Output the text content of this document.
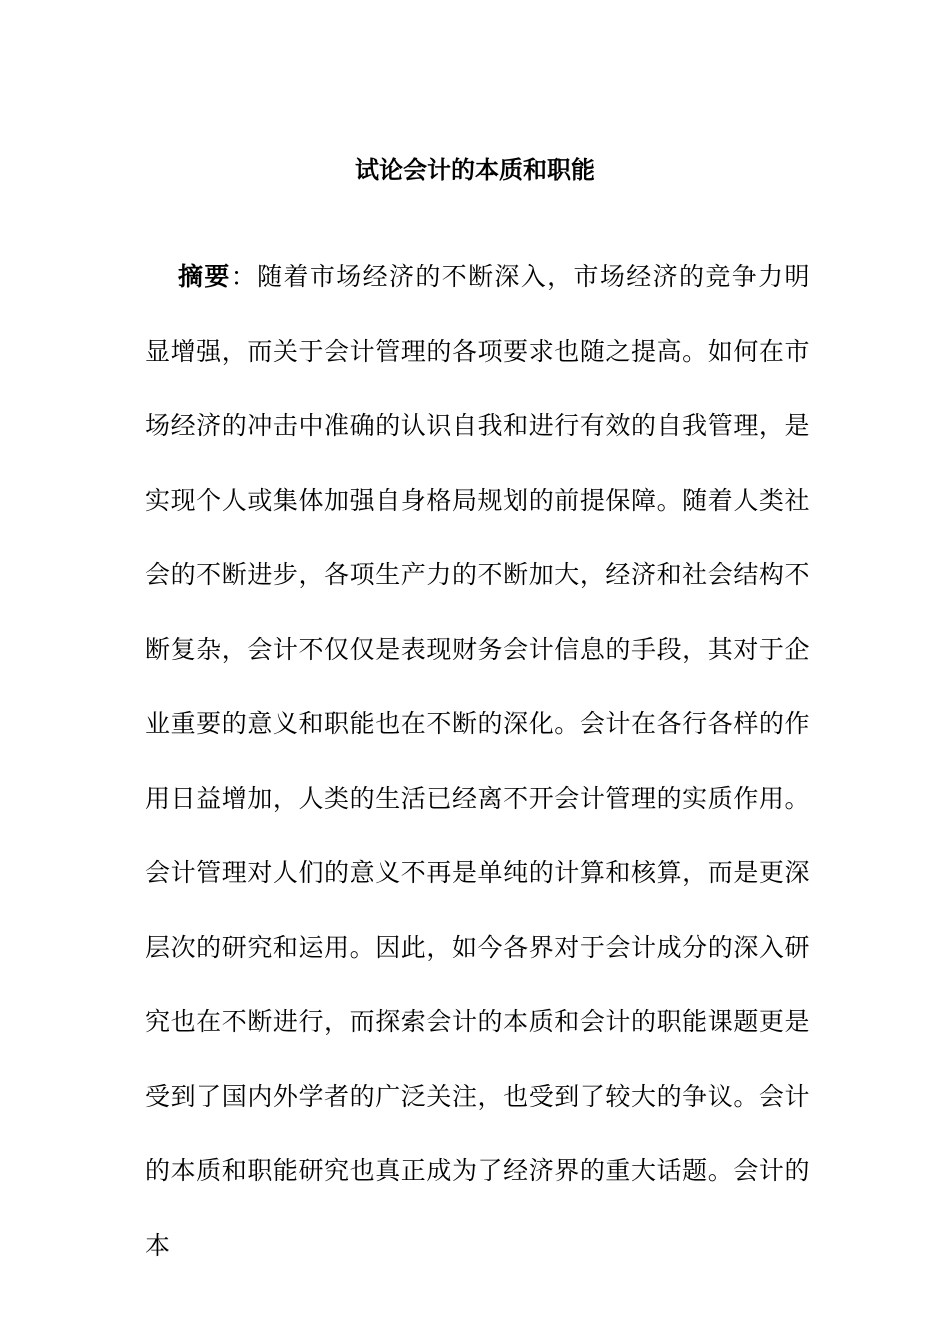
试论会计的本质和职能

摘要：随着市场经济的不断深入，市场经济的竞争力明显增强，而关于会计管理的各项要求也随之提高。如何在市场经济的冲击中准确的认识自我和进行有效的自我管理，是实现个人或集体加强自身格局规划的前提保障。随着人类社会的不断进步，各项生产力的不断加大，经济和社会结构不断复杂，会计不仅仅是表现财务会计信息的手段，其对于企业重要的意义和职能也在不断的深化。会计在各行各样的作用日益增加，人类的生活已经离不开会计管理的实质作用。会计管理对人们的意义不再是单纯的计算和核算，而是更深层次的研究和运用。因此，如今各界对于会计成分的深入研究也在不断进行，而探索会计的本质和会计的职能课题更是受到了国内外学者的广泛关注，也受到了较大的争议。会计的本质和职能研究也真正成为了经济界的重大话题。会计的本
